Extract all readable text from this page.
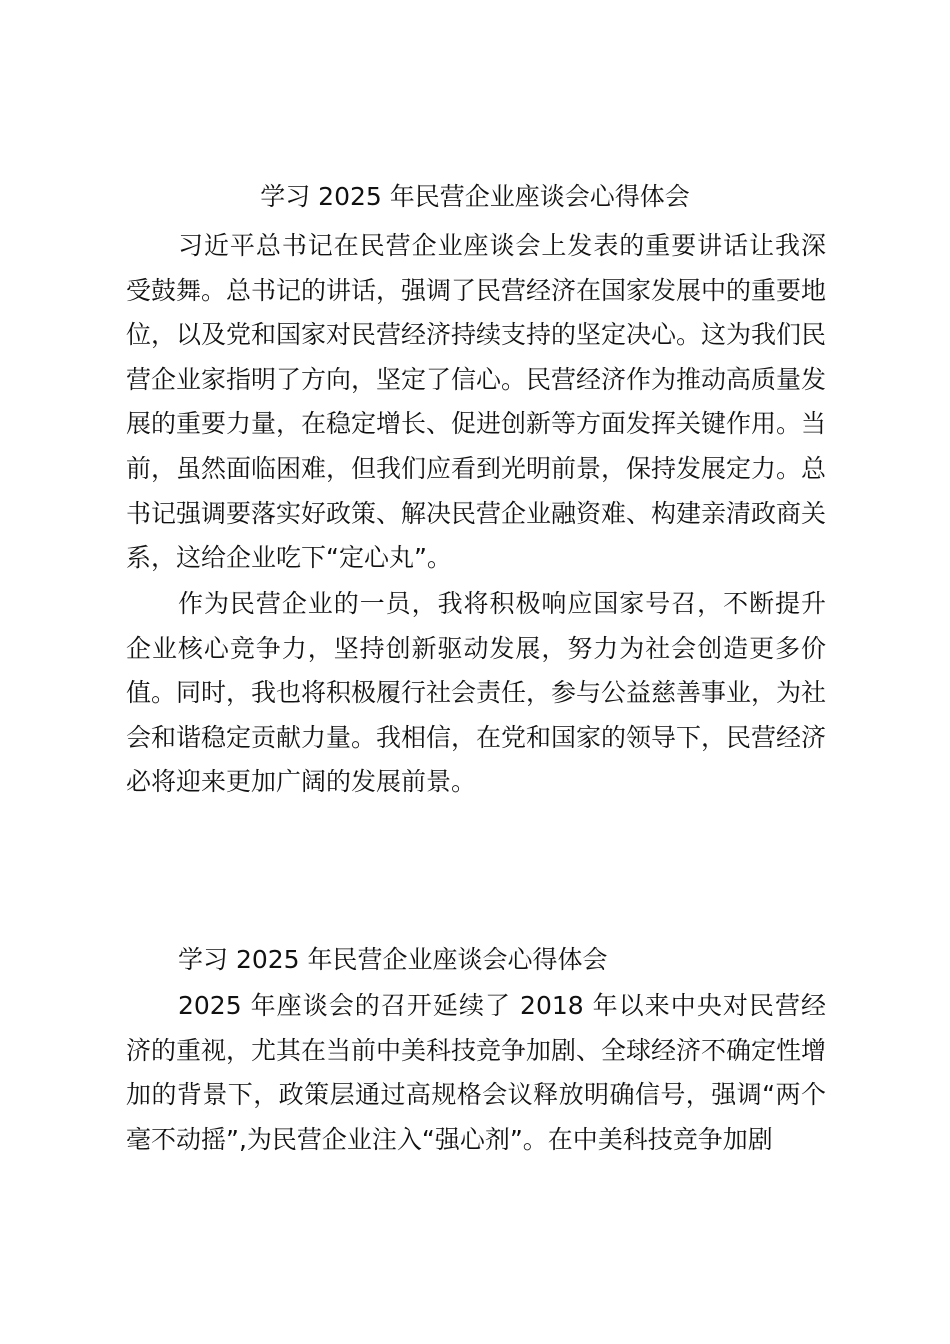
学习 2025 年民营企业座谈会心得体会

习近平总书记在民营企业座谈会上发表的重要讲话让我深受鼓舞。总书记的讲话，强调了民营经济在国家发展中的重要地位，以及党和国家对民营经济持续支持的坚定决心。这为我们民营企业家指明了方向，坚定了信心。民营经济作为推动高质量发展的重要力量，在稳定增长、促进创新等方面发挥关键作用。当前，虽然面临困难，但我们应看到光明前景，保持发展定力。总书记强调要落实好政策、解决民营企业融资难、构建亲清政商关系，这给企业吃下“定心丸”。

作为民营企业的一员，我将积极响应国家号召，不断提升企业核心竞争力，坚持创新驱动发展，努力为社会创造更多价值。同时，我也将积极履行社会责任，参与公益慈善事业，为社会和谐稳定贡献力量。我相信，在党和国家的领导下，民营经济必将迎来更加广阔的发展前景。

学习 2025 年民营企业座谈会心得体会

2025 年座谈会的召开延续了 2018 年以来中央对民营经济的重视，尤其在当前中美科技竞争加剧、全球经济不确定性增加的背景下，政策层通过高规格会议释放明确信号，强调“两个毫不动摇”,为民营企业注入“强心剂”。在中美科技竞争加剧
